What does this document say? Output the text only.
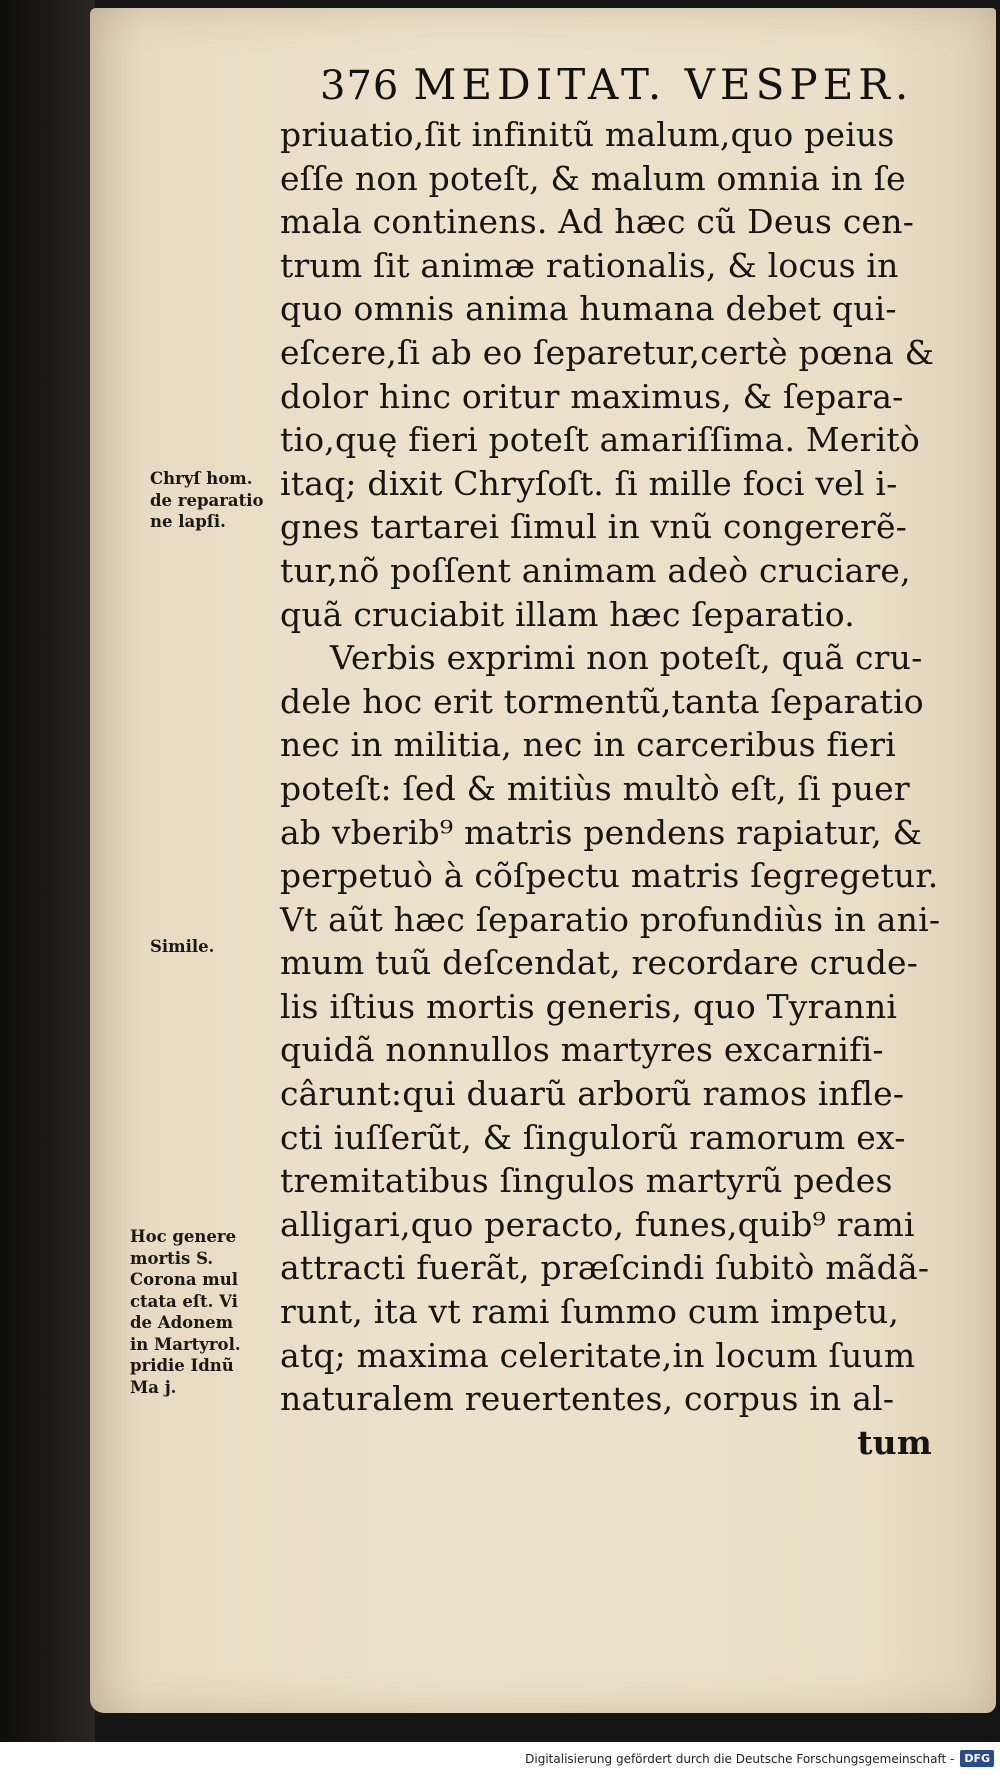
376 MEDITAT. VESPER.
priuatio,ſit infinitũ malum,quo peius
eſſe non poteſt, & malum omnia in ſe
mala continens. Ad hæc cũ Deus cen-
trum ſit animæ rationalis, & locus in
quo omnis anima humana debet qui-
eſcere,ſi ab eo ſeparetur,certè pœna &
dolor hinc oritur maximus, & ſepara-
tio,quę fieri poteſt amariſſima. Meritò
itaq; dixit Chryſoſt. ſi mille foci vel i-
gnes tartarei ſimul in vnũ congererẽ-
tur,nõ poſſent animam adeò cruciare,
quã cruciabit illam hæc ſeparatio.
Verbis exprimi non poteſt, quã cru-
dele hoc erit tormentũ,tanta ſeparatio
nec in militia, nec in carceribus fieri
poteſt: ſed & mitiùs multò eſt, ſi puer
ab vberib⁹ matris pendens rapiatur, &
perpetuò à cõſpectu matris ſegregetur.
Vt aũt hæc ſeparatio profundiùs in ani-
mum tuũ deſcendat, recordare crude-
lis iſtius mortis generis, quo Tyranni
quidã nonnullos martyres excarnifi-
cârunt:qui duarũ arborũ ramos infle-
cti iuſſerũt, & ſingulorũ ramorum ex-
tremitatibus ſingulos martyrũ pedes
alligari,quo peracto, funes,quib⁹ rami
attracti fuerãt, præſcindi ſubitò mãdã-
runt, ita vt rami ſummo cum impetu,
atq; maxima celeritate,in locum ſuum
naturalem reuertentes, corpus in al-
tum
Chryſ hom.
de reparatio
ne lapſi.
Simile.
Hoc genere
mortis S.
Corona mul
ctata eſt. Vi
de Adonem
in Martyrol.
pridie Idnũ
Ma j.
Digitalisierung gefördert durch die Deutsche Forschungsgemeinschaft - DFG
